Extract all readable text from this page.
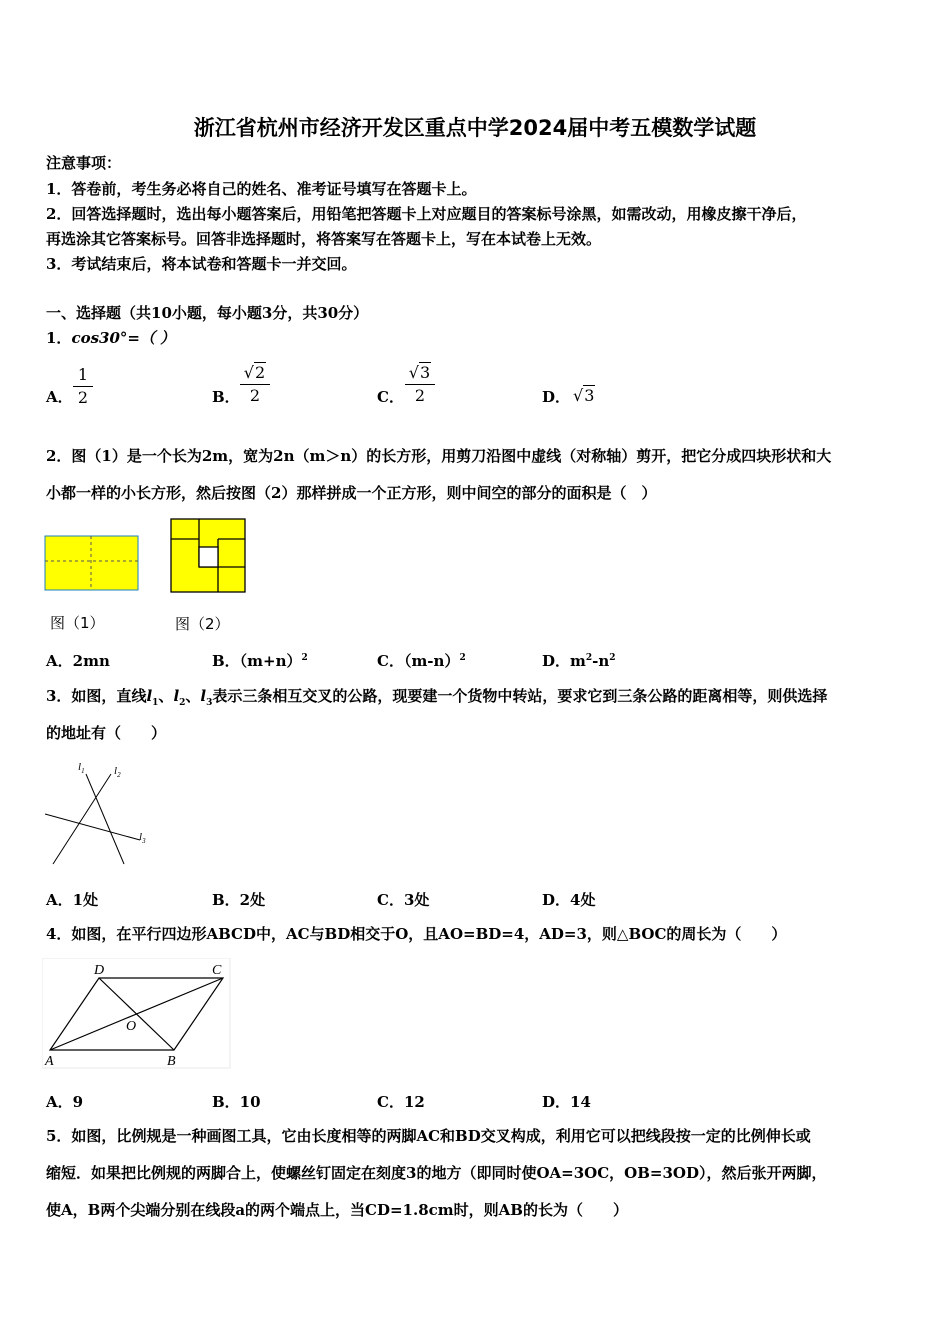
浙江省杭州市经济开发区重点中学2024届中考五模数学试题
注意事项：
1．答卷前，考生务必将自己的姓名、准考证号填写在答题卡上。
2．回答选择题时，选出每小题答案后，用铅笔把答题卡上对应题目的答案标号涂黑，如需改动，用橡皮擦干净后，
再选涂其它答案标号。回答非选择题时，将答案写在答题卡上，写在本试卷上无效。
3．考试结束后，将本试卷和答题卡一并交回。
一、选择题（共10小题，每小题3分，共30分）
1．cos30°=（ ）
A．
1
2	B．
√2
2	C．
√3
2	D． √3
2．图（1）是一个长为2m，宽为2n（m＞n）的长方形，用剪刀沿图中虚线（对称轴）剪开，把它分成四块形状和大
小都一样的小长方形，然后按图（2）那样拼成一个正方形，则中间空的部分的面积是（　）
图（1）	图（2）
A．2mn	B．$(m+n)^2$	C．$(m-n)^2$	D．$m^2-n^2$
3．如图，直线$l_1$、$l_2$、$l_3$表示三条相互交叉的公路，现要建一个货物中转站，要求它到三条公路的距离相等，则供选择
的地址有（　　）
$l_1$	$l_2$
$l_3$
A．1处	B．2处	C．3处	D．4处
4．如图，在平行四边形ABCD中，AC与BD相交于O，且AO=BD=4，AD=3，则△BOC的周长为（　　）
A	B
C
D
O
A．9	B．10	C．12	D．14
5．如图，比例规是一种画图工具，它由长度相等的两脚AC和BD交叉构成，利用它可以把线段按一定的比例伸长或
缩短．如果把比例规的两脚合上，使螺丝钉固定在刻度3的地方（即同时使OA=3OC，OB=3OD），然后张开两脚，
使A，B两个尖端分别在线段a的两个端点上，当CD=1.8cm时，则AB的长为（　　）
